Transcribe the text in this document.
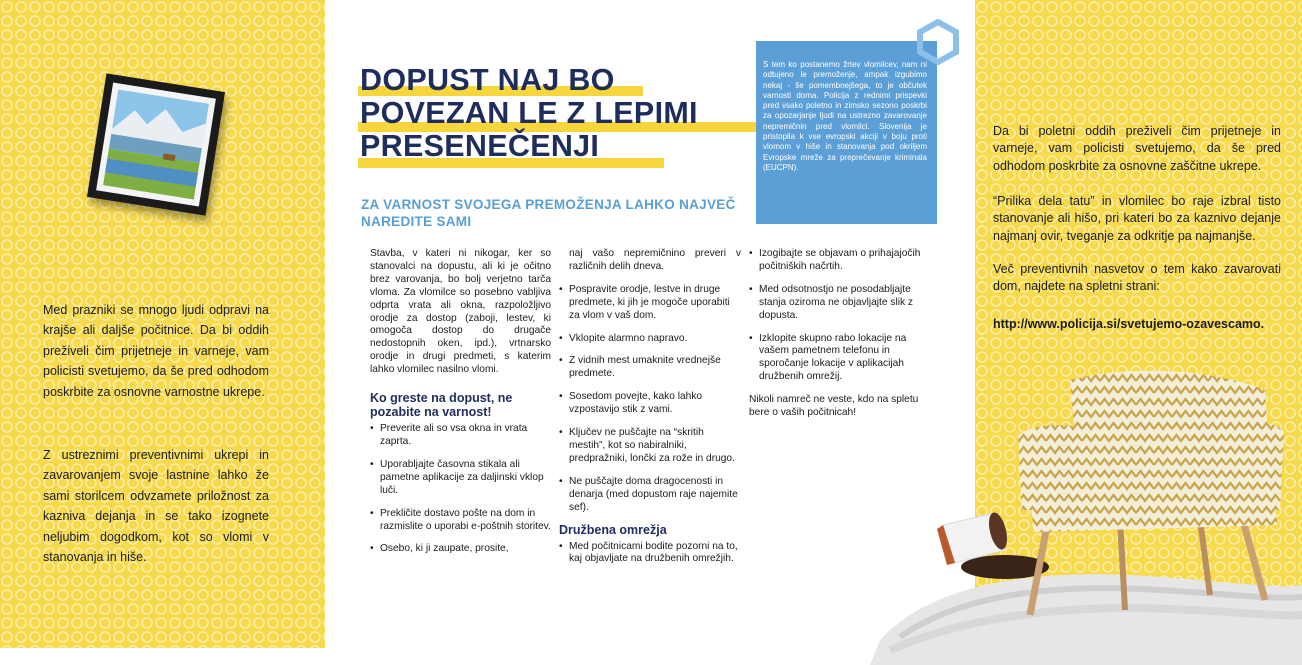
Med prazniki se mnogo ljudi odpravi na krajše ali daljše počitnice. Da bi oddih preživeli čim prijetneje in varneje, vam policisti svetujemo, da še pred odhodom poskrbite za osnovne varnostne ukrepe.

Z ustreznimi preventivnimi ukrepi in zavarovanjem svoje lastnine lahko že sami storilcem odvzamete priložnost za kazniva dejanja in se tako izognete neljubim dogodkom, kot so vlomi v stanovanja in hiše.

DOPUST NAJ BO
POVEZAN LE Z LEPIMI
PRESENEČENJI
ZA VARNOST SVOJEGA PREMOŽENJA LAHKO NAJVEČ NAREDITE SAMI
S tem ko postanemo žrtev vlomilcev, nam ni odtujeno le premoženje, ampak izgubimo nekaj - še pomembnejšega, to je občutek varnosti doma. Policija z rednimi prispevki pred vsako poletno in zimsko sezono poskrbi za opozarjanje ljudi na ustrezno zavarovanje nepremičnin pred vlomilci. Slovenija je pristopila k vse evropski akciji v boju proti vlomom v hiše in stanovanja pod okriljem Evropske mreže za preprečevanje kriminala (EUCPN).

Stavba, v kateri ni nikogar, ker so stanovalci na dopustu, ali ki je očitno brez varovanja, bo bolj verjetno tarča vloma. Za vlomilce so posebno vabljiva odprta vrata ali okna, razpoložljivo orodje za dostop (zaboji, lestev, ki omogoča dostop do drugače nedostopnih oken, ipd.), vrtnarsko orodje in drugi predmeti, s katerim lahko vlomilec nasilno vlomi.

Ko greste na dopust, ne pozabite na varnost!
• Preverite ali so vsa okna in vrata zaprta.
• Uporabljajte časovna stikala ali pametne aplikacije za daljinski vklop luči.
• Prekličite dostavo pošte na dom in razmislite o uporabi e-poštnih storitev.
• Osebo, ki ji zaupate, prosite,

naj vašo nepremičnino preveri v različnih delih dneva.

• Pospravite orodje, lestve in druge predmete, ki jih je mogoče uporabiti za vlom v vaš dom.
• Vklopite alarmno napravo.
• Z vidnih mest umaknite vrednejše predmete.
• Sosedom povejte, kako lahko vzpostavijo stik z vami.
• Ključev ne puščajte na “skritih mestih”, kot so nabiralniki, predpražniki, lončki za rože in drugo.
• Ne puščajte doma dragocenosti in denarja (med dopustom raje najemite sef).
Družbena omrežja
• Med počitnicami bodite pozorni na to, kaj objavljate na družbenih omrežjih.
• Izogibajte se objavam o prihajajočih počitniških načrtih.
• Med odsotnostjo ne posodabljajte stanja oziroma ne objavljajte slik z dopusta.
• Izklopite skupno rabo lokacije na vašem pametnem telefonu in sporočanje lokacije v aplikacijah družbenih omrežij.

Nikoli namreč ne veste, kdo na spletu bere o vaših počitnicah!

Da bi poletni oddih preživeli čim prijetneje in varneje, vam policisti svetujemo, da še pred odhodom poskrbite za osnovne zaščitne ukrepe.

“Prilika dela tatu” in vlomilec bo raje izbral tisto stanovanje ali hišo, pri kateri bo za kaznivo dejanje najmanj ovir, tveganje za odkritje pa najmanjše.

Več preventivnih nasvetov o tem kako zavarovati dom, najdete na spletni strani:

http://www.policija.si/svetujemo-ozavescamo.
